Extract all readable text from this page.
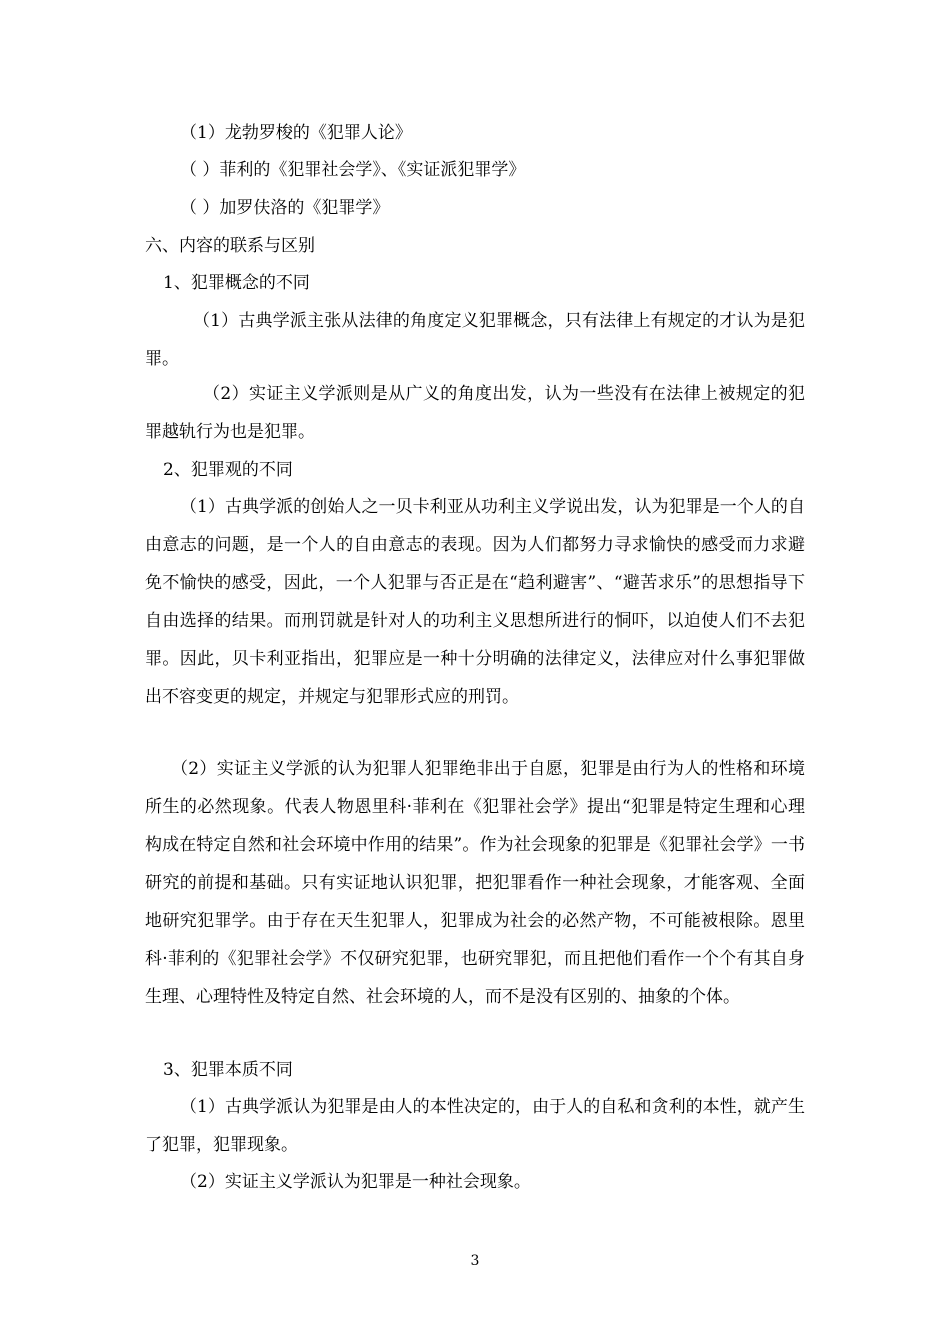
（1）龙勃罗梭的《犯罪人论》
（ ）菲利的《犯罪社会学》、《实证派犯罪学》
（ ）加罗伕洛的《犯罪学》
六、内容的联系与区别
1、犯罪概念的不同
（1）古典学派主张从法律的角度定义犯罪概念，只有法律上有规定的才认为是犯罪。
（2）实证主义学派则是从广义的角度出发，认为一些没有在法律上被规定的犯罪越轨行为也是犯罪。
2、犯罪观的不同
（1）古典学派的创始人之一贝卡利亚从功利主义学说出发，认为犯罪是一个人的自由意志的问题，是一个人的自由意志的表现。因为人们都努力寻求愉快的感受而力求避免不愉快的感受，因此，一个人犯罪与否正是在“趋利避害”、“避苦求乐”的思想指导下自由选择的结果。而刑罚就是针对人的功利主义思想所进行的恫吓，以迫使人们不去犯罪。因此，贝卡利亚指出，犯罪应是一种十分明确的法律定义，法律应对什么事犯罪做出不容变更的规定，并规定与犯罪形式应的刑罚。
（2）实证主义学派的认为犯罪人犯罪绝非出于自愿，犯罪是由行为人的性格和环境所生的必然现象。代表人物恩里科·菲利在《犯罪社会学》提出“犯罪是特定生理和心理构成在特定自然和社会环境中作用的结果”。作为社会现象的犯罪是《犯罪社会学》一书研究的前提和基础。只有实证地认识犯罪，把犯罪看作一种社会现象，才能客观、全面地研究犯罪学。由于存在天生犯罪人，犯罪成为社会的必然产物，不可能被根除。恩里科·菲利的《犯罪社会学》不仅研究犯罪，也研究罪犯，而且把他们看作一个个有其自身生理、心理特性及特定自然、社会环境的人，而不是没有区别的、抽象的个体。
3、犯罪本质不同
（1）古典学派认为犯罪是由人的本性决定的，由于人的自私和贪利的本性，就产生了犯罪，犯罪现象。
（2）实证主义学派认为犯罪是一种社会现象。
3
